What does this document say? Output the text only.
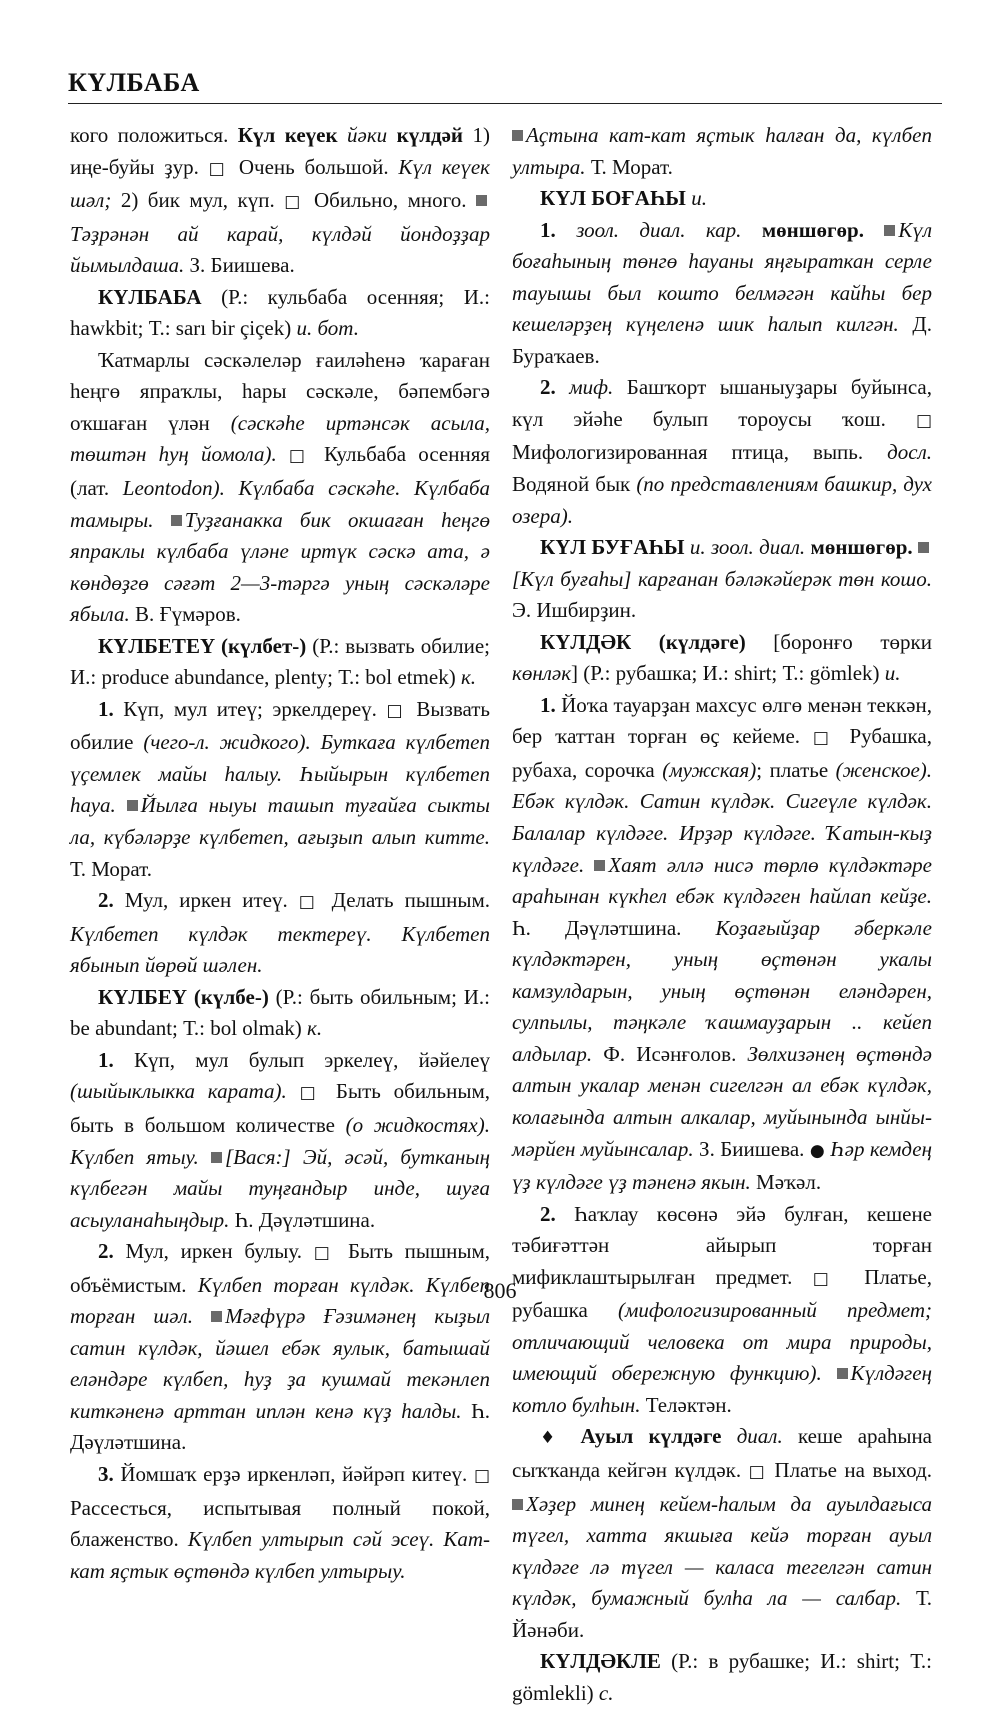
КҮЛБАБА

кого положиться. Күл кеүек йәки күлдәй 1) иңе-буйы ҙур. □ Очень большой. Күл кеүек шәл; 2) бик мул, күп. □ Обильно, много. Тәҙрәнән ай карай, күлдәй йондоҙҙар йымылдаша. З. Биишева.

КҮЛБАБА (Р.: кульбаба осенняя; И.: hawkbit; Т.: sarı bir çiçek) и. бот.

Ҡатмарлы сәскәлеләр ғаиләһенә ҡараған һеңгө япраҡлы, һары сәскәле, бәпембәгә оҡшаған үлән (сәскәһе иртәнсәк асыла, төштән һуң йомола). □ Кульбаба осенняя (лат. Leontodon). Күлбаба сәскәһе. Күлбаба тамыры. Туҙғанакка бик окшаған һеңгө япраклы күлбаба үләне иртүк сәскә ата, ә көндөҙгө сәғәт 2—3-тәргә уның сәскәләре ябыла. В. Ғүмәров.

КҮЛБЕТЕҮ (күлбет-) (Р.: вызвать обилие; И.: produce abundance, plenty; Т.: bol etmek) к.

1. Күп, мул итеү; эркелдереү. □ Вызвать обилие (чего-л. жидкого). Буткаға күлбетеп үҫемлек майы һалыу. Һыйырын күлбетеп һауа. Йылға ныуы ташып туғайға сыкты ла, күбәләрҙе күлбетеп, ағыҙып алып китте. Т. Морат.

2. Мул, иркен итеү. □ Делать пышным. Күлбетеп күлдәк тектереү. Күлбетеп ябынып йөрөй шәлен.

КҮЛБЕҮ (күлбе-) (Р.: быть обильным; И.: be abundant; Т.: bol olmak) к.

1. Күп, мул булып эркелеү, йәйелеү (шыйыклыкка карата). □ Быть обильным, быть в большом количестве (о жидкостях). Күлбеп ятыу. [Вася:] Эй, әсәй, бутканың күлбегән майы туңғандыр инде, шуға асыуланаһыңдыр. Һ. Дәүләтшина.

2. Мул, иркен булыу. □ Быть пышным, объёмистым. Күлбеп торған күлдәк. Күлбеп торған шәл. Мәғфүрә Ғәзимәнең кыҙыл сатин күлдәк, йәшел ебәк яулык, батышай еләндәре күлбеп, һуҙ ҙа кушмай текәнлеп киткәненә арттан иплән кенә күҙ һалды. Һ. Дәүләтшина.

3. Йомшаҡ ерҙә иркенләп, йәйрәп китеү. □ Рассесться, испытывая полный покой, блаженство. Күлбеп ултырып сәй эсеү. Кат-кат яҫтык өҫтөндә күлбеп ултырыу.

Аҫтына кат-кат яҫтык һалған да, күлбеп ултыра. Т. Морат.

КҮЛ БОҒАҺЫ и.

1. зоол. диал. кар. мөншөгөр. Күл боғаһының төнгө һауаны яңғыраткан серле тауышы был коштo белмәгән кайһы бер кешеләрҙең күңеленә шик һалып килгән. Д. Бураҡаев.

2. миф. Башҡорт ышаныуҙары буйынса, күл эйәһе булып тороусы ҡош. □ Мифологизированная птица, выпь. досл. Водяной бык (по представлениям башкир, дух озера).

КҮЛ БУҒАҺЫ и. зоол. диал. мөншөгөр. [Күл буғаһы] карғанан бәләкәйерәк төн кошо. Э. Ишбирҙин.

КҮЛДӘК (күлдәге) [боронғо төрки көнләк] (Р.: рубашка; И.: shirt; Т.: gömlek) и.

1. Йоҡа тауарҙан махсус өлгө менән теккән, бер ҡаттан торған өҫ кейеме. □ Рубашка, рубаха, сорочка (мужская); платье (женское). Ебәк күлдәк. Сатин күлдәк. Сигеүле күлдәк. Балалар күлдәге. Ирҙәр күлдәге. Ҡатын-кыҙ күлдәге. Хаят әллә нисә төрлө күлдәктәре араһынан күкһел ебәк күлдәген һайлап кейҙе. Һ. Дәүләтшина. Коҙағыйҙар әберкәле күлдәктәрен, уның өҫтөнән укалы камзулдарын, уның өҫтөнән еләндәрен, сулпылы, тәңкәле ҡашмауҙарын .. кейеп алдылар. Ф. Исәнғолов. Зөлхизәнең өҫтөндә алтын укалар менән сигелгән ал ебәк күлдәк, колағында алтын алкалар, муйынында ынйы-мәрйен муйынсалар. З. Биишева. ● Һәр кемдең үҙ күлдәге үҙ тәненә якын. Мәҡәл.

2. Һаҡлау көсөнә эйә булған, кешене тәбиғәттән айырып торған мификлаштырылған предмет. □ Платье, рубашка (мифологизированный предмет; отличающий человека от мира природы, имеющий обережную функцию). Күлдәгең котло булһын. Теләктән.

♦ Ауыл күлдәге диал. кеше араһына сыҡҡанда кейгән күлдәк. □ Платье на выход. Хәҙер минең кейем-һалым да ауылдағыса түгел, хатта якшыға кейә торған ауыл күлдәге лә түгел — каласа тегелгән сатин күлдәк, бумажный булһа ла — салбар. Т. Йәнәби.

КҮЛДӘКЛЕ (Р.: в рубашке; И.: shirt; Т.: gömlekli) с.

806
